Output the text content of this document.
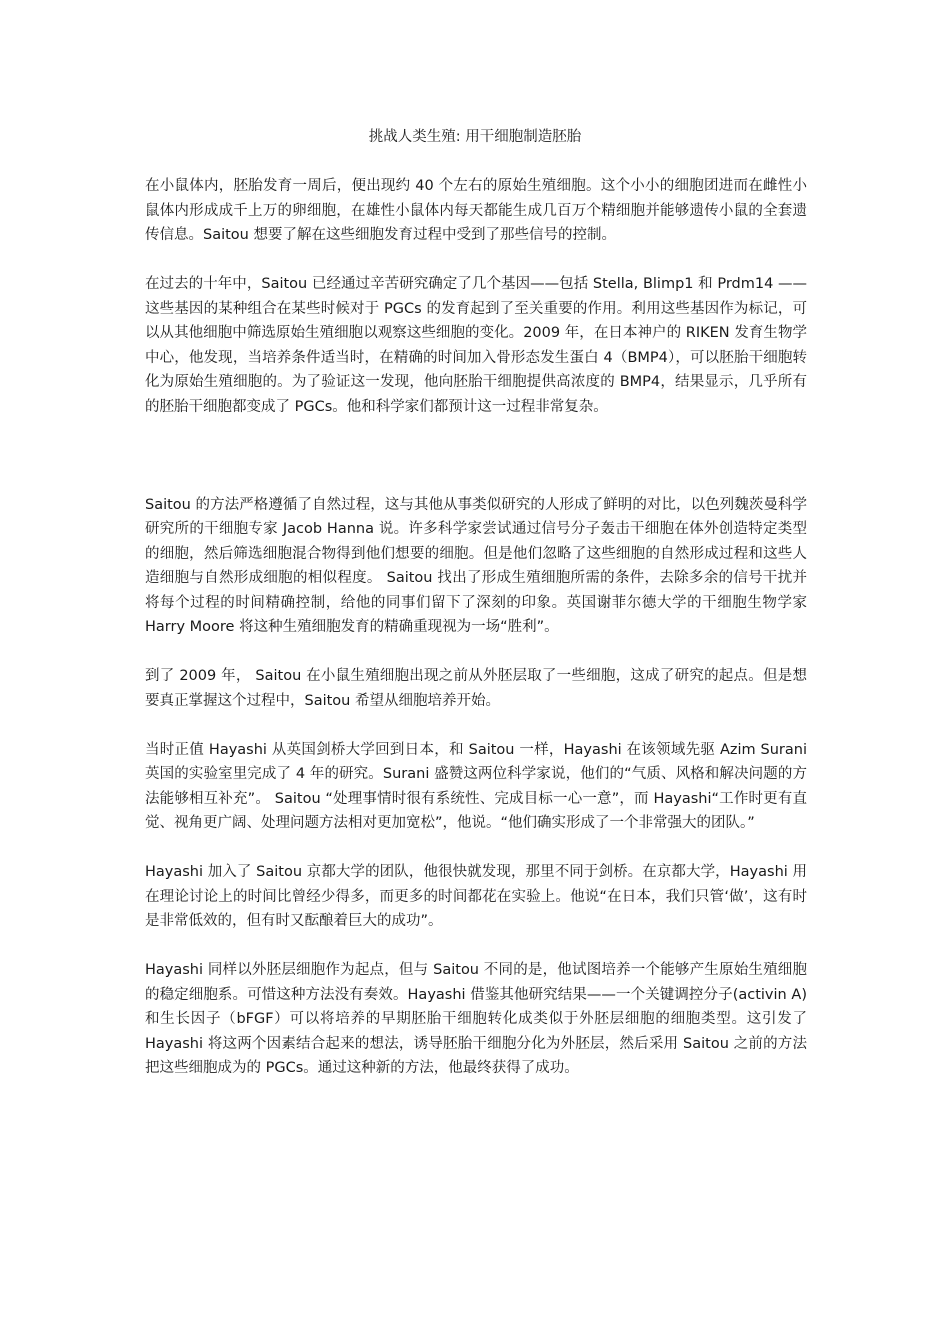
挑战人类生殖: 用干细胞制造胚胎

在小鼠体内，胚胎发育一周后，便出现约 40 个左右的原始生殖细胞。这个小小的细胞团进而在雌性小鼠体内形成成千上万的卵细胞，在雄性小鼠体内每天都能生成几百万个精细胞并能够遗传小鼠的全套遗传信息。Saitou 想要了解在这些细胞发育过程中受到了那些信号的控制。

在过去的十年中，Saitou 已经通过辛苦研究确定了几个基因——包括 Stella, Blimp1 和 Prdm14 ——这些基因的某种组合在某些时候对于 PGCs 的发育起到了至关重要的作用。利用这些基因作为标记，可以从其他细胞中筛选原始生殖细胞以观察这些细胞的变化。2009 年，在日本神户的 RIKEN 发育生物学中心，他发现，当培养条件适当时，在精确的时间加入骨形态发生蛋白 4（BMP4），可以胚胎干细胞转化为原始生殖细胞的。为了验证这一发现，他向胚胎干细胞提供高浓度的 BMP4，结果显示，几乎所有的胚胎干细胞都变成了 PGCs。他和科学家们都预计这一过程非常复杂。

Saitou 的方法严格遵循了自然过程，这与其他从事类似研究的人形成了鲜明的对比，以色列魏茨曼科学研究所的干细胞专家 Jacob Hanna 说。许多科学家尝试通过信号分子轰击干细胞在体外创造特定类型的细胞，然后筛选细胞混合物得到他们想要的细胞。但是他们忽略了这些细胞的自然形成过程和这些人造细胞与自然形成细胞的相似程度。 Saitou 找出了形成生殖细胞所需的条件，去除多余的信号干扰并将每个过程的时间精确控制，给他的同事们留下了深刻的印象。英国谢菲尔德大学的干细胞生物学家 Harry Moore 将这种生殖细胞发育的精确重现视为一场“胜利”。

到了 2009 年， Saitou 在小鼠生殖细胞出现之前从外胚层取了一些细胞，这成了研究的起点。但是想要真正掌握这个过程中，Saitou 希望从细胞培养开始。

当时正值 Hayashi 从英国剑桥大学回到日本，和 Saitou 一样，Hayashi 在该领域先驱 Azim Surani 英国的实验室里完成了 4 年的研究。Surani 盛赞这两位科学家说，他们的“气质、风格和解决问题的方法能够相互补充”。 Saitou “处理事情时很有系统性、完成目标一心一意”，而 Hayashi“工作时更有直觉、视角更广阔、处理问题方法相对更加宽松”，他说。“他们确实形成了一个非常强大的团队。”

Hayashi 加入了 Saitou 京都大学的团队，他很快就发现，那里不同于剑桥。在京都大学，Hayashi 用在理论讨论上的时间比曾经少得多，而更多的时间都花在实验上。他说“在日本，我们只管‘做’，这有时是非常低效的，但有时又酝酿着巨大的成功”。

Hayashi 同样以外胚层细胞作为起点，但与 Saitou 不同的是，他试图培养一个能够产生原始生殖细胞的稳定细胞系。可惜这种方法没有奏效。Hayashi 借鉴其他研究结果——一个关键调控分子(activin A)和生长因子（bFGF）可以将培养的早期胚胎干细胞转化成类似于外胚层细胞的细胞类型。这引发了 Hayashi 将这两个因素结合起来的想法，诱导胚胎干细胞分化为外胚层，然后采用 Saitou 之前的方法把这些细胞成为的 PGCs。通过这种新的方法，他最终获得了成功。
